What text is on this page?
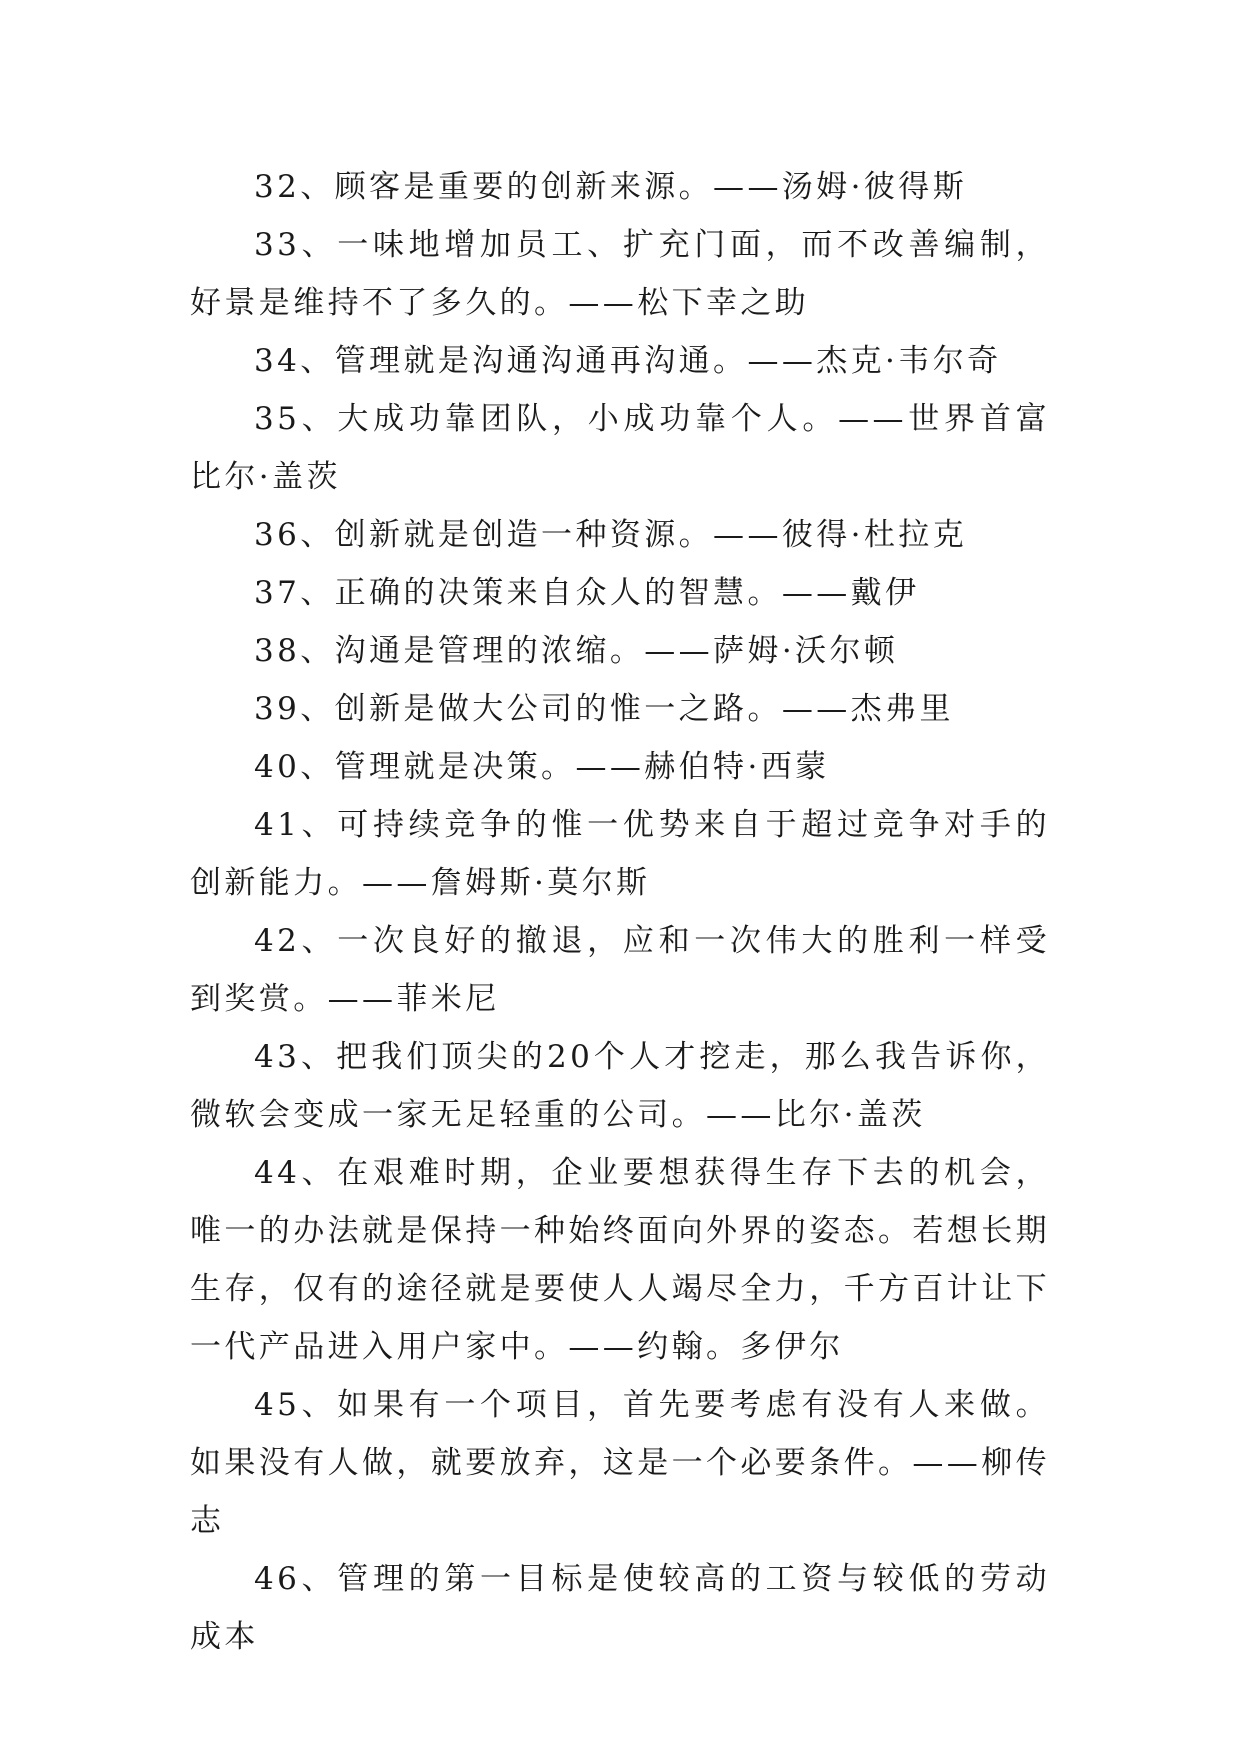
32、顾客是重要的创新来源。——汤姆·彼得斯

33、一味地增加员工、扩充门面，而不改善编制，好景是维持不了多久的。——松下幸之助

34、管理就是沟通沟通再沟通。——杰克·韦尔奇

35、大成功靠团队，小成功靠个人。——世界首富比尔·盖茨

36、创新就是创造一种资源。——彼得·杜拉克

37、正确的决策来自众人的智慧。——戴伊

38、沟通是管理的浓缩。——萨姆·沃尔顿

39、创新是做大公司的惟一之路。——杰弗里

40、管理就是决策。——赫伯特·西蒙

41、可持续竞争的惟一优势来自于超过竞争对手的创新能力。——詹姆斯·莫尔斯

42、一次良好的撤退，应和一次伟大的胜利一样受到奖赏。——菲米尼

43、把我们顶尖的20个人才挖走，那么我告诉你，微软会变成一家无足轻重的公司。——比尔·盖茨

44、在艰难时期，企业要想获得生存下去的机会，唯一的办法就是保持一种始终面向外界的姿态。若想长期生存，仅有的途径就是要使人人竭尽全力，千方百计让下一代产品进入用户家中。——约翰。多伊尔

45、如果有一个项目，首先要考虑有没有人来做。如果没有人做，就要放弃，这是一个必要条件。——柳传志

46、管理的第一目标是使较高的工资与较低的劳动成本
